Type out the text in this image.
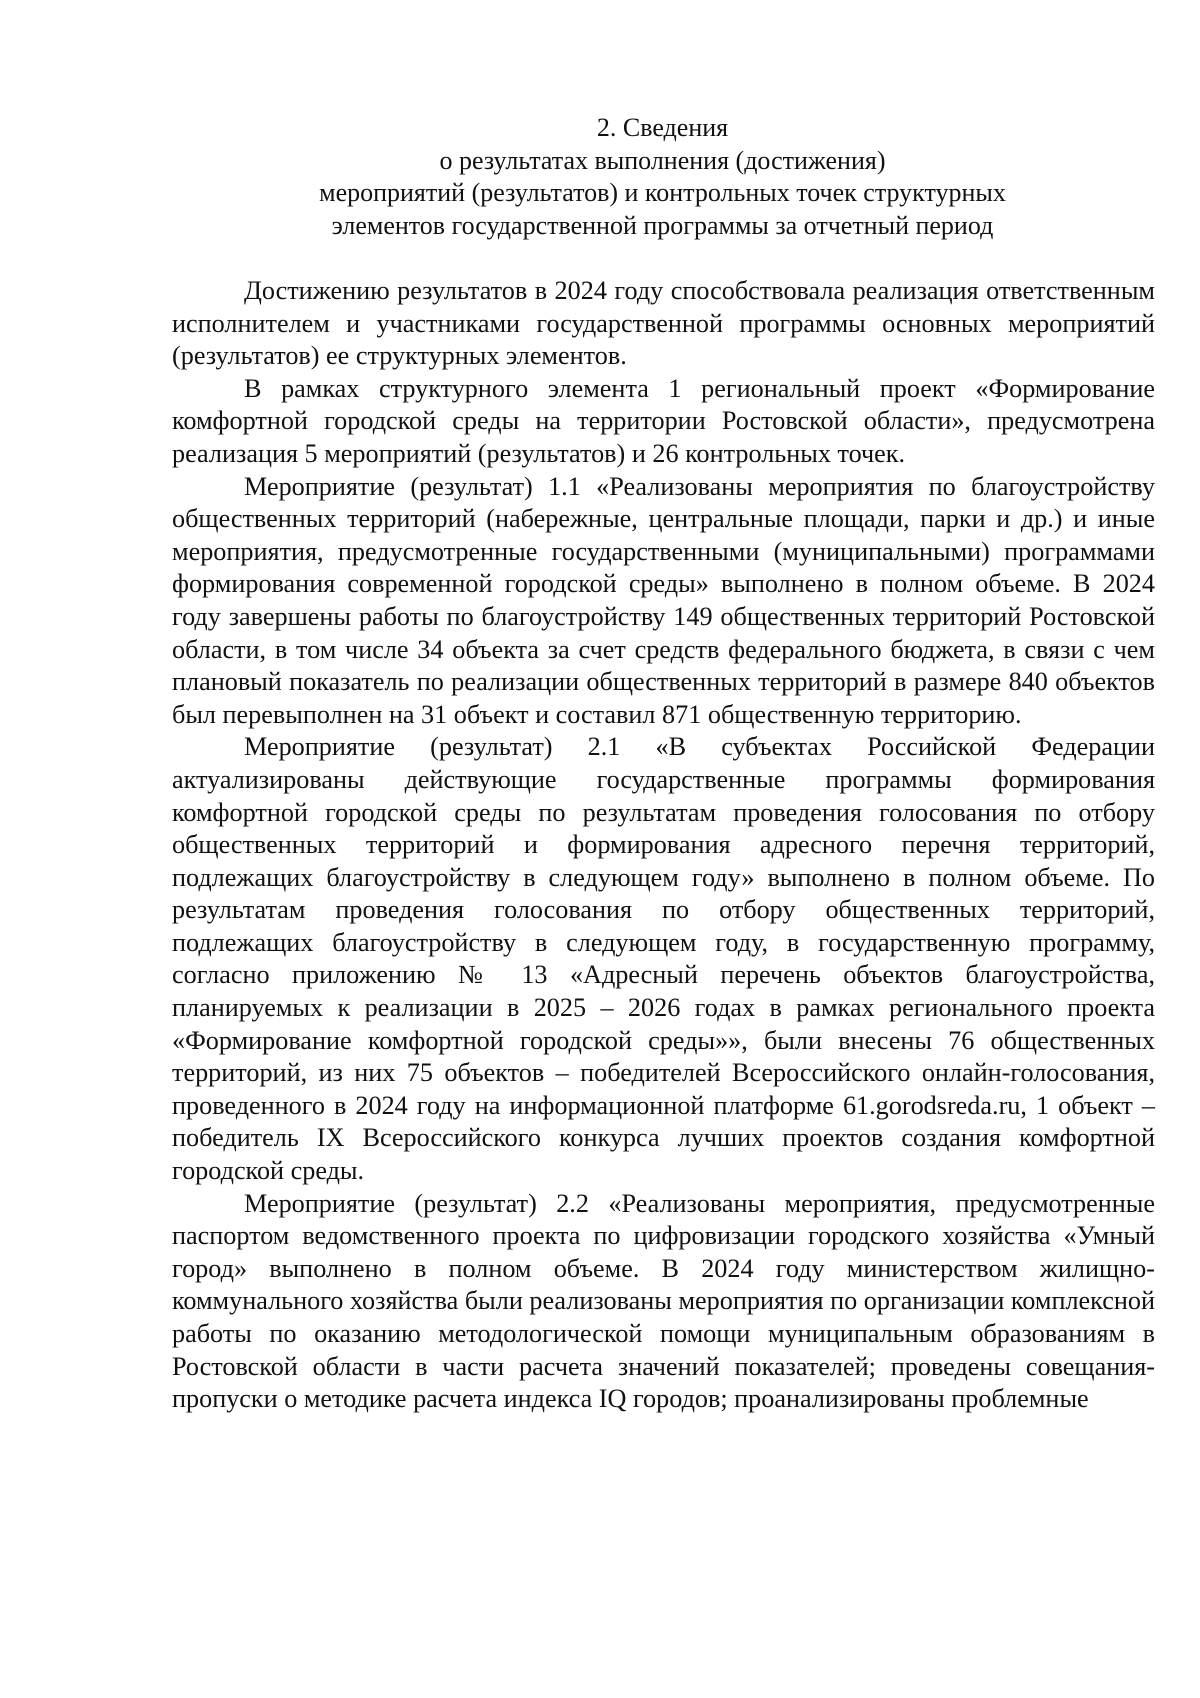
2. Сведения
о результатах выполнения (достижения)
мероприятий (результатов) и контрольных точек структурных
элементов государственной программы за отчетный период

Достижению результатов в 2024 году способствовала реализация ответственным исполнителем и участниками государственной программы основных мероприятий (результатов) ее структурных элементов.

В рамках структурного элемента 1 региональный проект «Формирование комфортной городской среды на территории Ростовской области», предусмотрена реализация 5 мероприятий (результатов) и 26 контрольных точек.

Мероприятие (результат) 1.1 «Реализованы мероприятия по благоустройству общественных территорий (набережные, центральные площади, парки и др.) и иные мероприятия, предусмотренные государственными (муниципальными) программами формирования современной городской среды» выполнено в полном объеме. В 2024 году завершены работы по благоустройству 149 общественных территорий Ростовской области, в том числе 34 объекта за счет средств федерального бюджета, в связи с чем плановый показатель по реализации общественных территорий в размере 840 объектов был перевыполнен на 31 объект и составил 871 общественную территорию.

Мероприятие (результат) 2.1 «В субъектах Российской Федерации актуализированы действующие государственные программы формирования комфортной городской среды по результатам проведения голосования по отбору общественных территорий и формирования адресного перечня территорий, подлежащих благоустройству в следующем году» выполнено в полном объеме. По результатам проведения голосования по отбору общественных территорий, подлежащих благоустройству в следующем году, в государственную программу, согласно приложению № 13 «Адресный перечень объектов благоустройства, планируемых к реализации в 2025 – 2026 годах в рамках регионального проекта «Формирование комфортной городской среды»», были внесены 76 общественных территорий, из них 75 объектов – победителей Всероссийского онлайн-голосования, проведенного в 2024 году на информационной платформе 61.gorodsreda.ru, 1 объект – победитель IX Всероссийского конкурса лучших проектов создания комфортной городской среды.

Мероприятие (результат) 2.2 «Реализованы мероприятия, предусмотренные паспортом ведомственного проекта по цифровизации городского хозяйства «Умный город» выполнено в полном объеме. В 2024 году министерством жилищно-коммунального хозяйства были реализованы мероприятия по организации комплексной работы по оказанию методологической помощи муниципальным образованиям в Ростовской области в части расчета значений показателей; проведены совещания-пропуски о методике расчета индекса IQ городов; проанализированы проблемные
